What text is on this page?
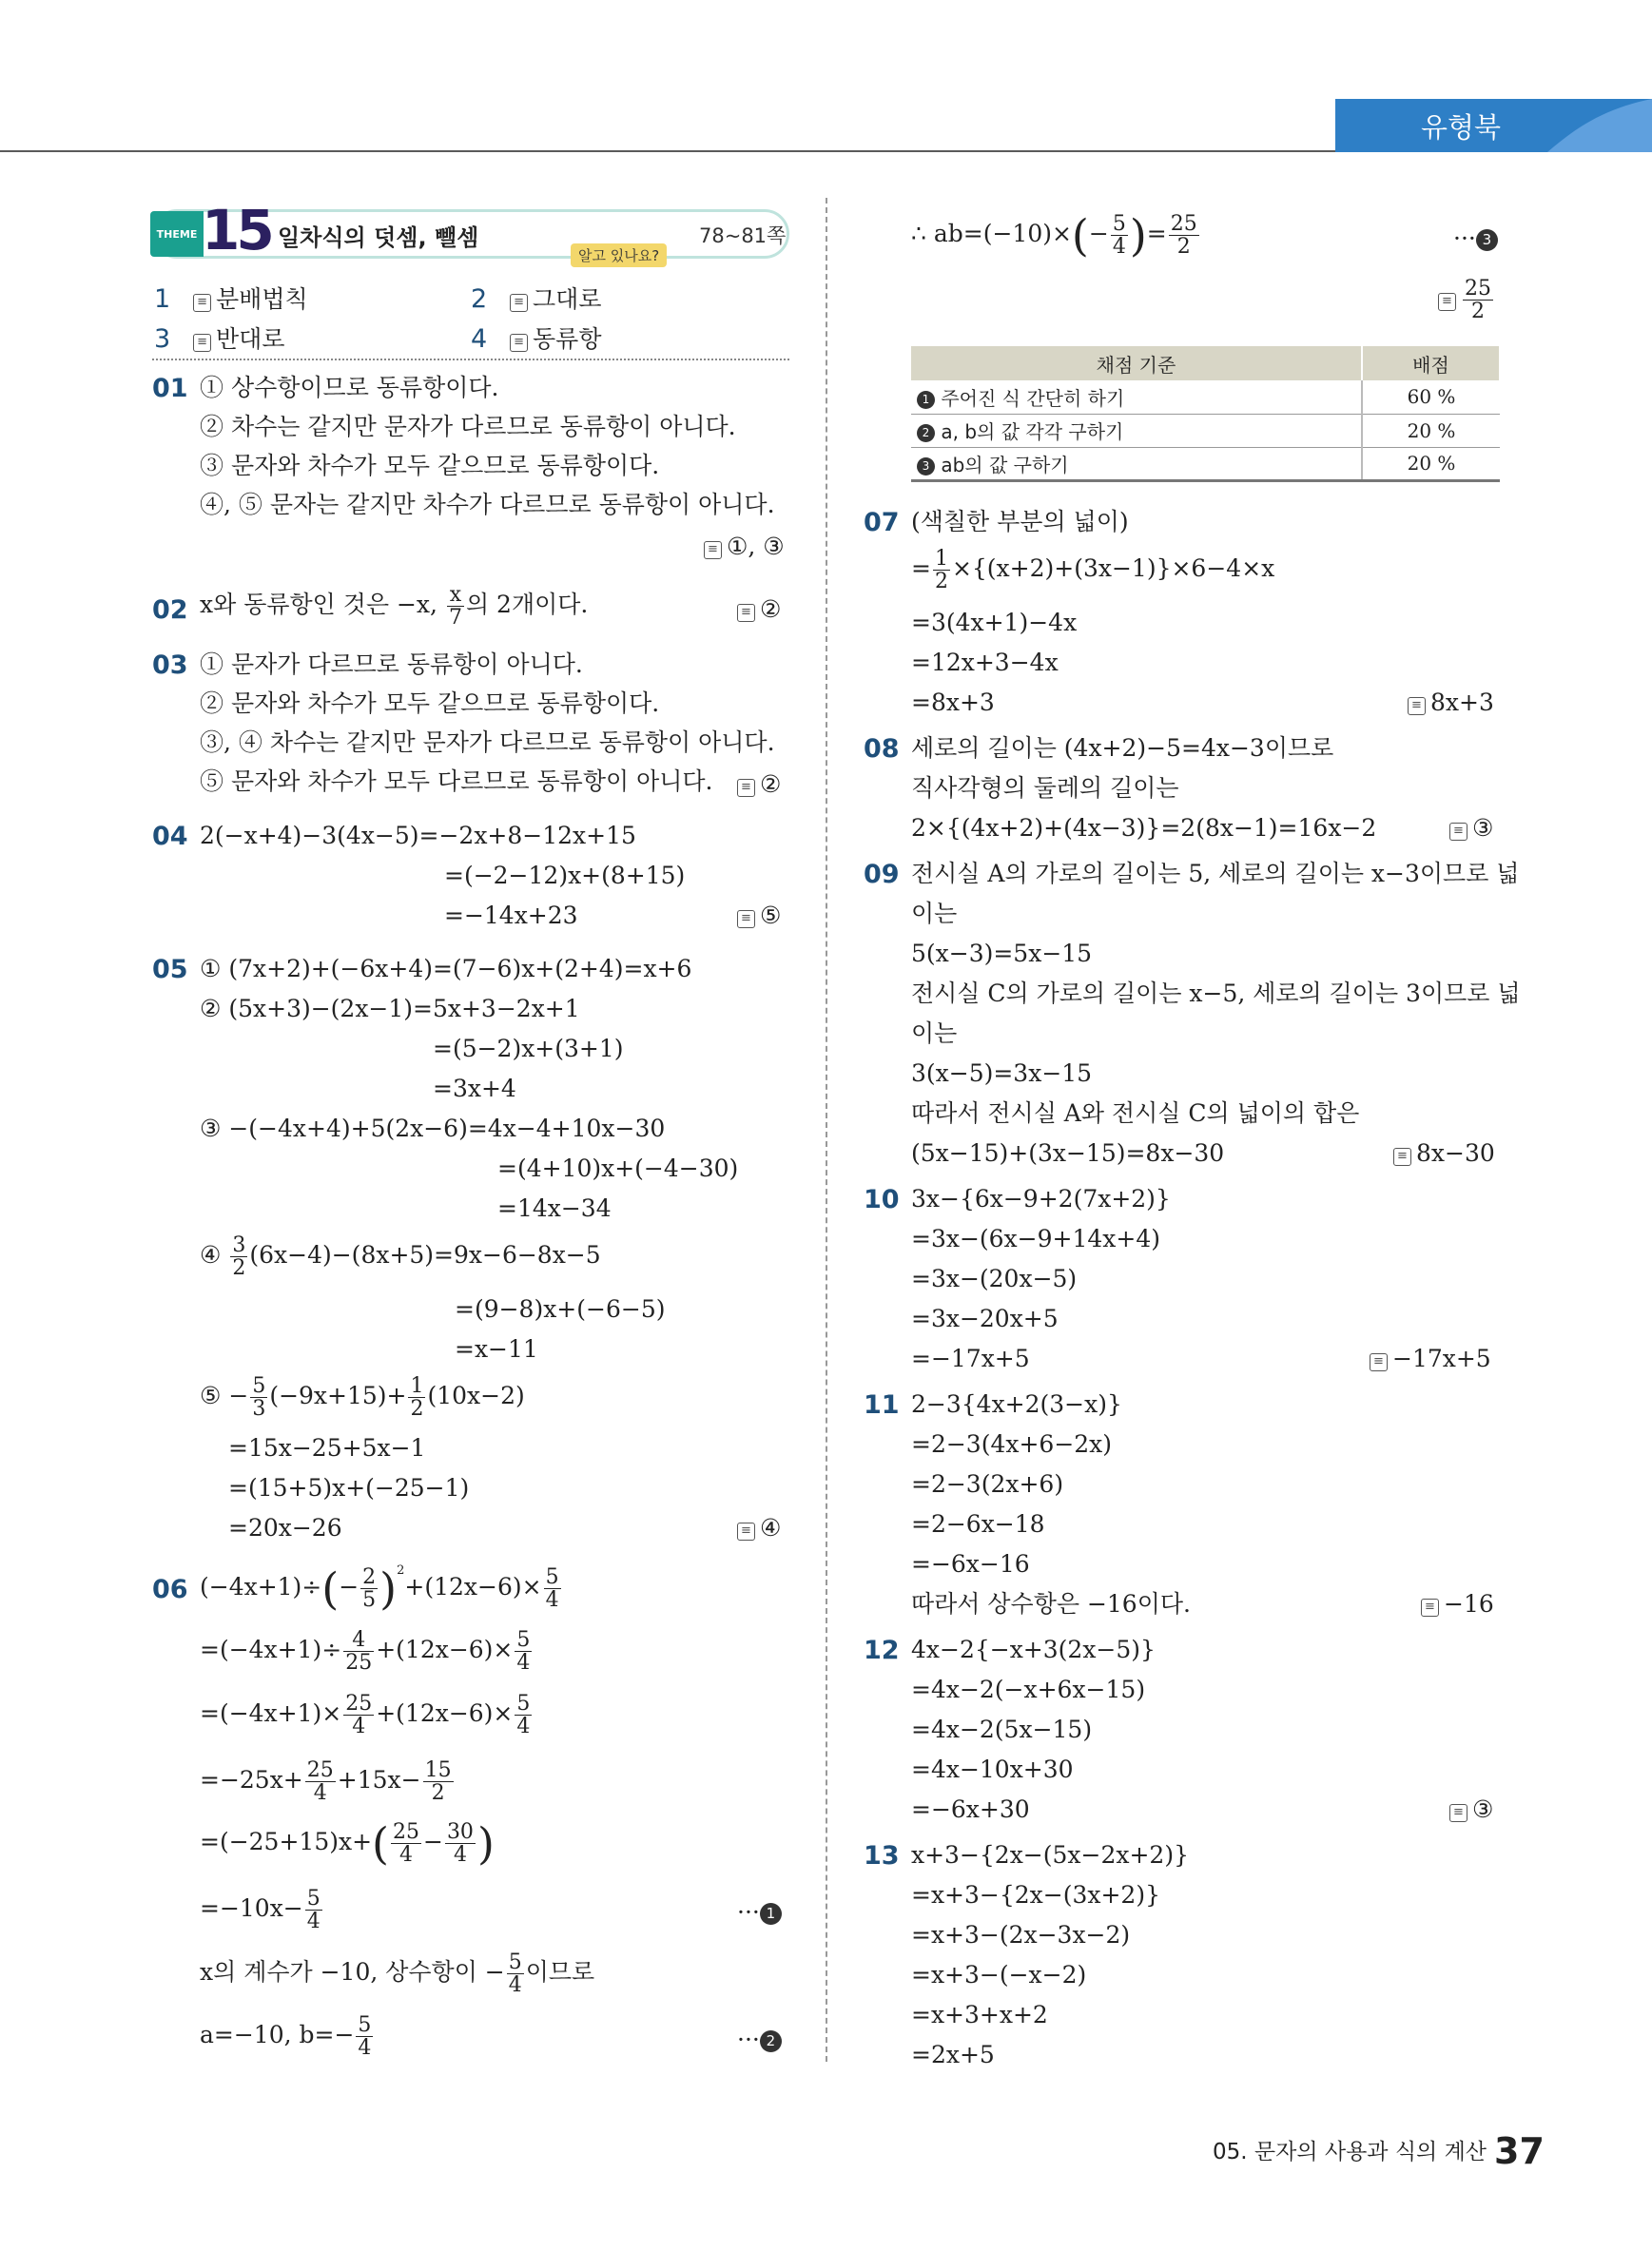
유형북
THEME 15 일차식의 덧셈, 뺄셈	78~81쪽
알고 있나요?
1 ≡ 분배법칙	2 ≡ 그대로
3 ≡ 반대로	4 ≡ 동류항
01 ① 상수항이므로 동류항이다.
② 차수는 같지만 문자가 다르므로 동류항이 아니다.
③ 문자와 차수가 모두 같으므로 동류항이다.
④, ⑤ 문자는 같지만 차수가 다르므로 동류항이 아니다.
≡①, ③
02 x와 동류항인 것은 −x, $\frac{x}{7}$ 의 2개이다. ≡	②
03 ① 문자가 다르므로 동류항이 아니다.
② 문자와 차수가 모두 같으므로 동류항이다.
③, ④ 차수는 같지만 문자가 다르므로 동류항이 아니다.
⑤ 문자와 차수가 모두 다르므로 동류항이 아니다. ≡	②
04 2(−x+4)−3(4x−5)=−2x+8−12x+15
=(−2−12)x+(8+15)
=−14x+23 ≡	⑤
05 ① (7x+2)+(−6x+4)=(7−6)x+(2+4)=x+6
② (5x+3)−(2x−1)=5x+3−2x+1
=(5−2)x+(3+1)
=3x+4
③ −(−4x+4)+5(2x−6)=4x−4+10x−30
=(4+10)x+(−4−30)
=14x−34
④ $\frac{3}{2} (6x-4)-(8x+5)=9x-6-8x-5$
=(9−8)x+(−6−5)
=x−11
⑤ − $\frac{5}{3} (-9x+15)+ \frac{1}{2} (10x-2)$
=15x−25+5x−1
=(15+5)x+(−25−1)
=20x−26 ≡	④
06 $(-4x+1)\div(- \frac{2}{5} )^2+(12x-6)\times \frac{5}{4}$
$=(-4x+1)\div \frac{4}{25} +(12x-6)\times \frac{5}{4}$
$=(-4x+1)\times \frac{25}{4} +(12x-6)\times \frac{5}{4}$
$=-25x+ \frac{25}{4} +15x- \frac{15}{2}$
$=(-25+15)x+( \frac{25}{4} - \frac{30}{4}$ )
$=-10x- \frac{5}{4}$	··· 1
x의 계수가 −10, 상수항이 − $\frac{5}{4}$ 이므로
a=−10, $b=- \frac{5}{4}$	··· 2
∴ $ab=(-10)\times(- \frac{5}{4}$ )= $\frac{25}{2}$	··· 3
≡
$\frac{25}{2}$
채점 기준	배점
1 주어진 식 간단히 하기	60 %
2 a, b의 값 각각 구하기	20 %
3 ab의 값 구하기	20 %
07 (색칠한 부분의 넓이)
= $\frac{1}{2} \times\{(x+2)+(3x-1)\}\times 6-4\times x$
=3(4x+1)−4x
=12x+3−4x
=8x+3 ≡	8x+3
08 세로의 길이는 (4x+2)−5=4x−3이므로
직사각형의 둘레의 길이는
2×{(4x+2)+(4x−3)}=2(8x−1)=16x−2 ≡	③
09 전시실 A의 가로의 길이는 5, 세로의 길이는 x−3이므로 넓
이는
5(x−3)=5x−15
전시실 C의 가로의 길이는 x−5, 세로의 길이는 3이므로 넓
이는
3(x−5)=3x−15
따라서 전시실 A와 전시실 C의 넓이의 합은
(5x−15)+(3x−15)=8x−30 ≡	8x−30
10 3x−{6x−9+2(7x+2)}
=3x−(6x−9+14x+4)
=3x−(20x−5)
=3x−20x+5
=−17x+5 ≡	−17x+5
11 2−3{4x+2(3−x)}
=2−3(4x+6−2x)
=2−3(2x+6)
=2−6x−18
=−6x−16
따라서 상수항은 −16이다. ≡	−16
12 4x−2{−x+3(2x−5)}
=4x−2(−x+6x−15)
=4x−2(5x−15)
=4x−10x+30
=−6x+30 ≡	③
13 x+3−{2x−(5x−2x+2)}
=x+3−{2x−(3x+2)}
=x+3−(2x−3x−2)
=x+3−(−x−2)
=x+3+x+2
=2x+5
05. 문자의 사용과 식의 계산 37
